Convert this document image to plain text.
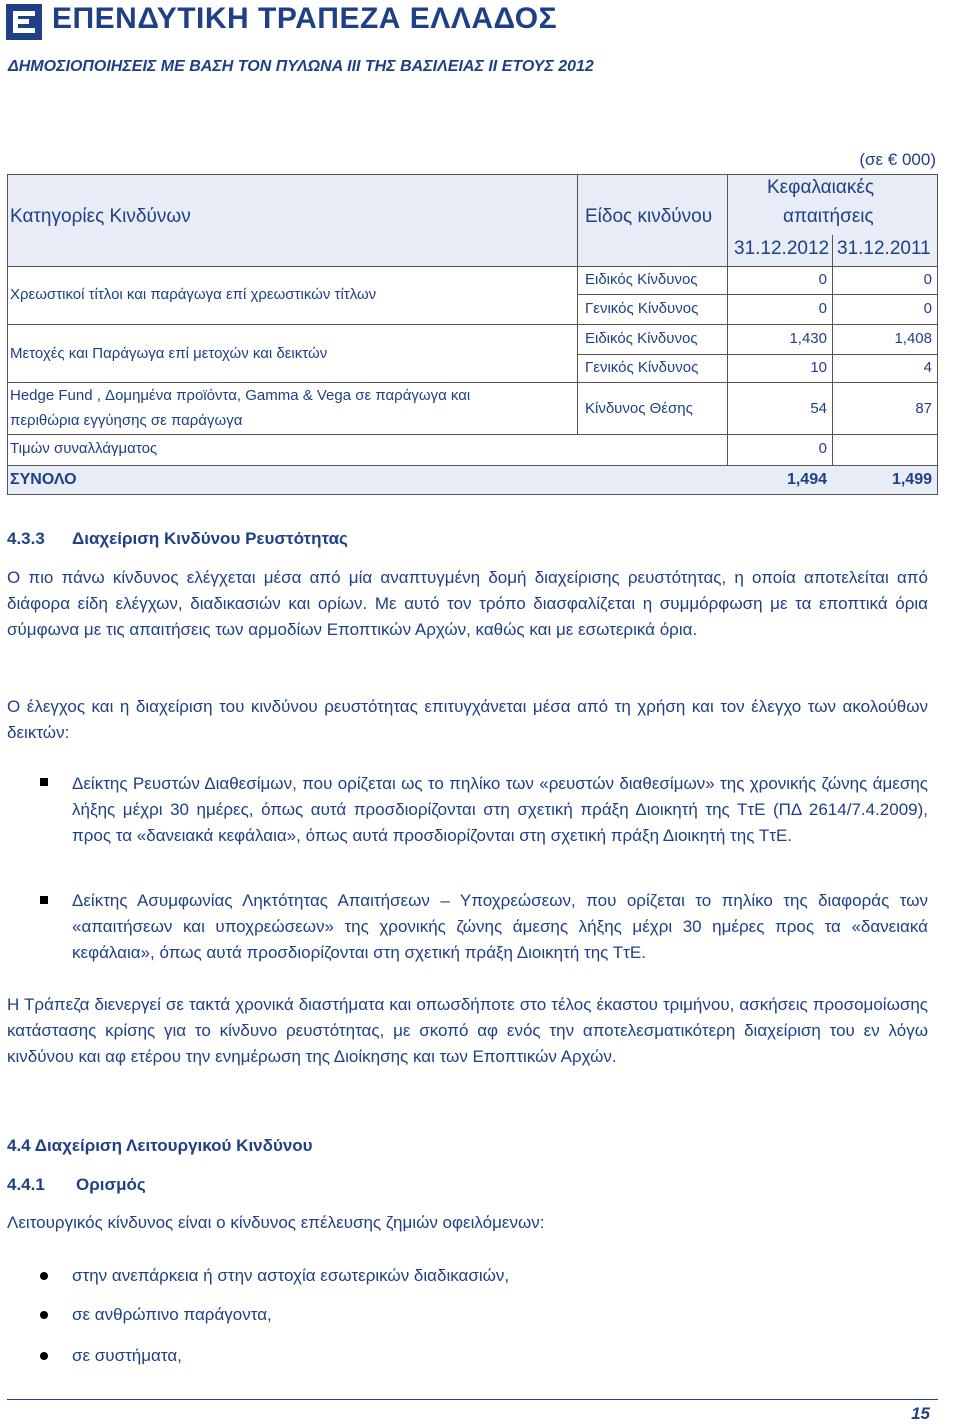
ΕΠΕΝΔΥΤΙΚΗ ΤΡΑΠΕΖΑ ΕΛΛΑΔΟΣ
ΔΗΜΟΣΙΟΠΟΙΗΣΕΙΣ ΜΕ ΒΑΣΗ ΤΟΝ ΠΥΛΩΝΑ ΙΙΙ ΤΗΣ ΒΑΣΙΛΕΙΑΣ ΙΙ ΕΤΟΥΣ 2012
(σε € 000)
Κατηγορίες Κινδύνων	Είδος κινδύνου
Κεφαλαιακές
απαιτήσεις
31.12.2012 31.12.2011
Χρεωστικοί τίτλοι και παράγωγα επί χρεωστικών τίτλων
Ειδικός Κίνδυνος	0	0
Γενικός Κίνδυνος	0	0
Μετοχές και Παράγωγα επί μετοχών και δεικτών
Ειδικός Κίνδυνος	1,430	1,408
Γενικός Κίνδυνος	10	4
Hedge Fund , Δομημένα προϊόντα, Gamma & Vega σε παράγωγα και
περιθώρια εγγύησης σε παράγωγα
Κίνδυνος Θέσης	54	87
Τιμών συναλλάγματος	0
ΣΥΝΟΛΟ	1,494	1,499
4.3.3 Διαχείριση Κινδύνου Ρευστότητας
Ο πιο πάνω κίνδυνος ελέγχεται μέσα από μία αναπτυγμένη δομή διαχείρισης ρευστότητας, η οποία αποτελείται από διάφορα είδη ελέγχων, διαδικασιών και ορίων. Με αυτό τον τρόπο διασφαλίζεται η συμμόρφωση με τα εποπτικά όρια σύμφωνα με τις απαιτήσεις των αρμοδίων Εποπτικών Αρχών, καθώς και με εσωτερικά όρια.
Ο έλεγχος και η διαχείριση του κινδύνου ρευστότητας επιτυγχάνεται μέσα από τη χρήση και τον έλεγχο των ακολούθων δεικτών:
Δείκτης Ρευστών Διαθεσίμων, που ορίζεται ως το πηλίκο των «ρευστών διαθεσίμων» της χρονικής ζώνης άμεσης λήξης μέχρι 30 ημέρες, όπως αυτά προσδιορίζονται στη σχετική πράξη Διοικητή της ΤτΕ (ΠΔ 2614/7.4.2009), προς τα «δανειακά κεφάλαια», όπως αυτά προσδιορίζονται στη σχετική πράξη Διοικητή της ΤτΕ.
Δείκτης Ασυμφωνίας Ληκτότητας Απαιτήσεων – Υποχρεώσεων, που ορίζεται το πηλίκο της διαφοράς των «απαιτήσεων και υποχρεώσεων» της χρονικής ζώνης άμεσης λήξης μέχρι 30 ημέρες προς τα «δανειακά κεφάλαια», όπως αυτά προσδιορίζονται στη σχετική πράξη Διοικητή της ΤτΕ.
Η Τράπεζα διενεργεί σε τακτά χρονικά διαστήματα και οπωσδήποτε στο τέλος έκαστου τριμήνου, ασκήσεις προσομοίωσης κατάστασης κρίσης για το κίνδυνο ρευστότητας, με σκοπό αφ ενός την αποτελεσματικότερη διαχείριση του εν λόγω κινδύνου και αφ ετέρου την ενημέρωση της Διοίκησης και των Εποπτικών Αρχών.
4.4 Διαχείριση Λειτουργικού Κινδύνου
4.4.1 Ορισμός
Λειτουργικός κίνδυνος είναι ο κίνδυνος επέλευσης ζημιών οφειλόμενων:
στην ανεπάρκεια ή στην αστοχία εσωτερικών διαδικασιών,
σε ανθρώπινο παράγοντα,
σε συστήματα,
15
